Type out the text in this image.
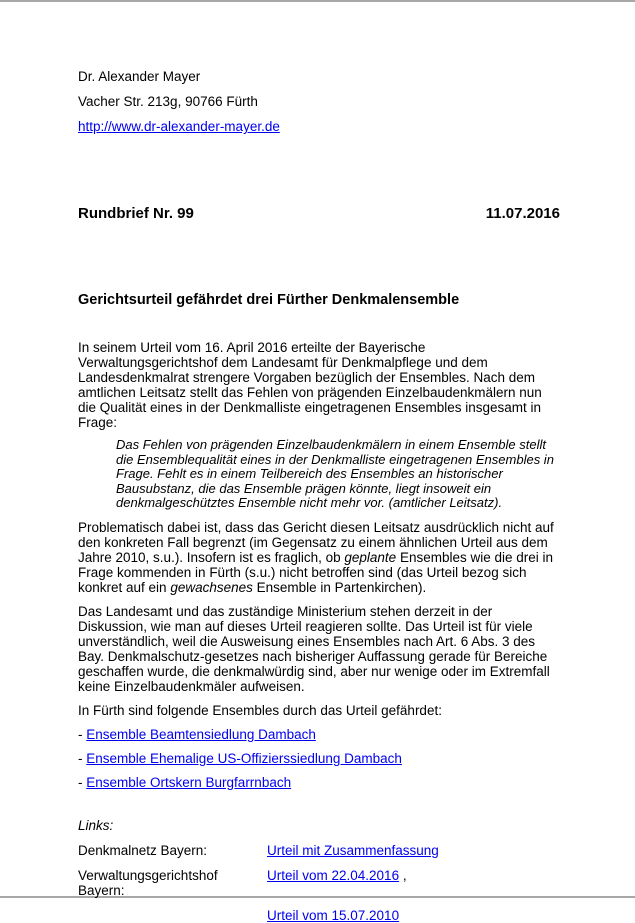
Dr. Alexander Mayer
Vacher Str. 213g, 90766 Fürth
http://www.dr-alexander-mayer.de
Rundbrief Nr. 99	11.07.2016
Gerichtsurteil gefährdet drei Fürther Denkmalensemble

In seinem Urteil vom 16. April 2016 erteilte der Bayerische Verwaltungsgerichtshof dem Landesamt für Denkmalpflege und dem Landesdenkmalrat strengere Vorgaben bezüglich der Ensembles. Nach dem amtlichen Leitsatz stellt das Fehlen von prägenden Einzelbaudenkmälern nun die Qualität eines in der Denkmalliste eingetragenen Ensembles insgesamt in Frage:

Das Fehlen von prägenden Einzelbaudenkmälern in einem Ensemble stellt die Ensemblequalität eines in der Denkmalliste eingetragenen Ensembles in Frage. Fehlt es in einem Teilbereich des Ensembles an historischer Bausubstanz, die das Ensemble prägen könnte, liegt insoweit ein denkmalgeschütztes Ensemble nicht mehr vor. (amtlicher Leitsatz).

Problematisch dabei ist, dass das Gericht diesen Leitsatz ausdrücklich nicht auf den konkreten Fall begrenzt (im Gegensatz zu einem ähnlichen Urteil aus dem Jahre 2010, s.u.). Insofern ist es fraglich, ob geplante Ensembles wie die drei in Frage kommenden in Fürth (s.u.) nicht betroffen sind (das Urteil bezog sich konkret auf ein gewachsenes Ensemble in Partenkirchen).

Das Landesamt und das zuständige Ministerium stehen derzeit in der Diskussion, wie man auf dieses Urteil reagieren sollte. Das Urteil ist für viele unverständlich, weil die Ausweisung eines Ensembles nach Art. 6 Abs. 3 des Bay. Denkmalschutz-gesetzes nach bisheriger Auffassung gerade für Bereiche geschaffen wurde, die denkmalwürdig sind, aber nur wenige oder im Extremfall keine Einzelbaudenkmäler aufweisen.

In Fürth sind folgende Ensembles durch das Urteil gefährdet:

- Ensemble Beamtensiedlung Dambach
- Ensemble Ehemalige US-Offizierssiedlung Dambach
- Ensemble Ortskern Burgfarrnbach
Links:
Denkmalnetz Bayern:	Urteil mit Zusammenfassung
Verwaltungsgerichtshof Bayern:
Urteil vom 22.04.2016 ,
Urteil vom 15.07.2010
